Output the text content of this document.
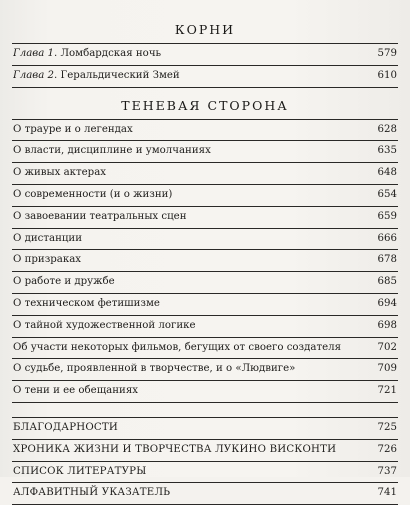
КОРНИ
Глава 1. Ломбардская ночь	579
Глава 2. Геральдический Змей	610
ТЕНЕВАЯ СТОРОНА
О трауре и о легендах	628
О власти, дисциплине и умолчаниях	635
О живых актерах	648
О современности (и о жизни)	654
О завоевании театральных сцен	659
О дистанции	666
О призраках	678
О работе и дружбе	685
О техническом фетишизме	694
О тайной художественной логике	698
Об участи некоторых фильмов, бегущих от своего создателя	702
О судьбе, проявленной в творчестве, и о «Людвиге»	709
О тени и ее обещаниях	721
БЛАГОДАРНОСТИ	725
ХРОНИКА ЖИЗНИ И ТВОРЧЕСТВА ЛУКИНО ВИСКОНТИ	726
СПИСОК ЛИТЕРАТУРЫ	737
АЛФАВИТНЫЙ УКАЗАТЕЛЬ	741
